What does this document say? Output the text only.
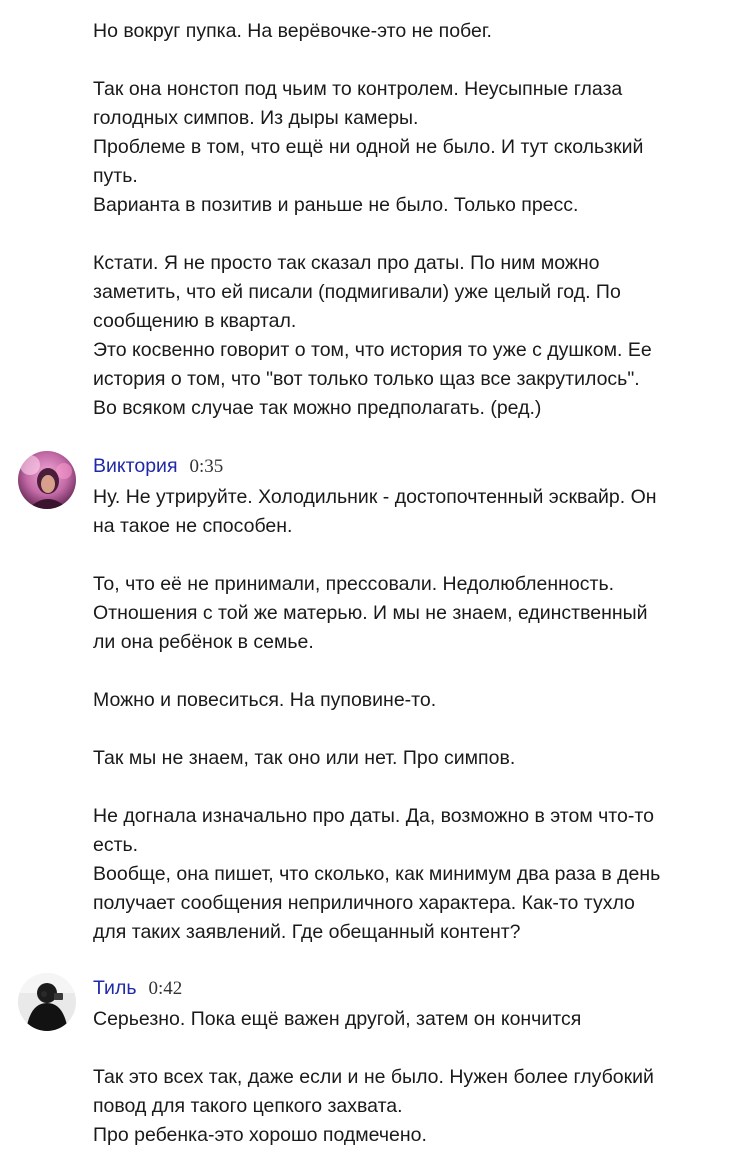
Но вокруг пупка. На верёвочке-это не побег.

Так она нонстоп под чьим то контролем. Неусыпные глаза

голодных симпов. Из дыры камеры.

Проблеме в том, что ещё ни одной не было. И тут скользкий

путь.

Варианта в позитив и раньше не было. Только пресс.

Кстати. Я не просто так сказал про даты. По ним можно

заметить, что ей писали (подмигивали) уже целый год. По

сообщению в квартал.

Это косвенно говорит о том, что история то уже с душком. Ее

история о том, что "вот только только щаз все закрутилось".

Во всяком случае так можно предполагать. (ред.)

Виктория 0:35

Ну. Не утрируйте. Холодильник - достопочтенный эсквайр. Он

на такое не способен.

То, что её не принимали, прессовали. Недолюбленность.

Отношения с той же матерью. И мы не знаем, единственный

ли она ребёнок в семье.

Можно и повеситься. На пуповине-то.

Так мы не знаем, так оно или нет. Про симпов.

Не догнала изначально про даты. Да, возможно в этом что-то

есть.

Вообще, она пишет, что сколько, как минимум два раза в день

получает сообщения неприличного характера. Как-то тухло

для таких заявлений. Где обещанный контент?

Тиль 0:42

Серьезно. Пока ещё важен другой, затем он кончится

Так это всех так, даже если и не было. Нужен более глубокий

повод для такого цепкого захвата.

Про ребенка-это хорошо подмечено.
